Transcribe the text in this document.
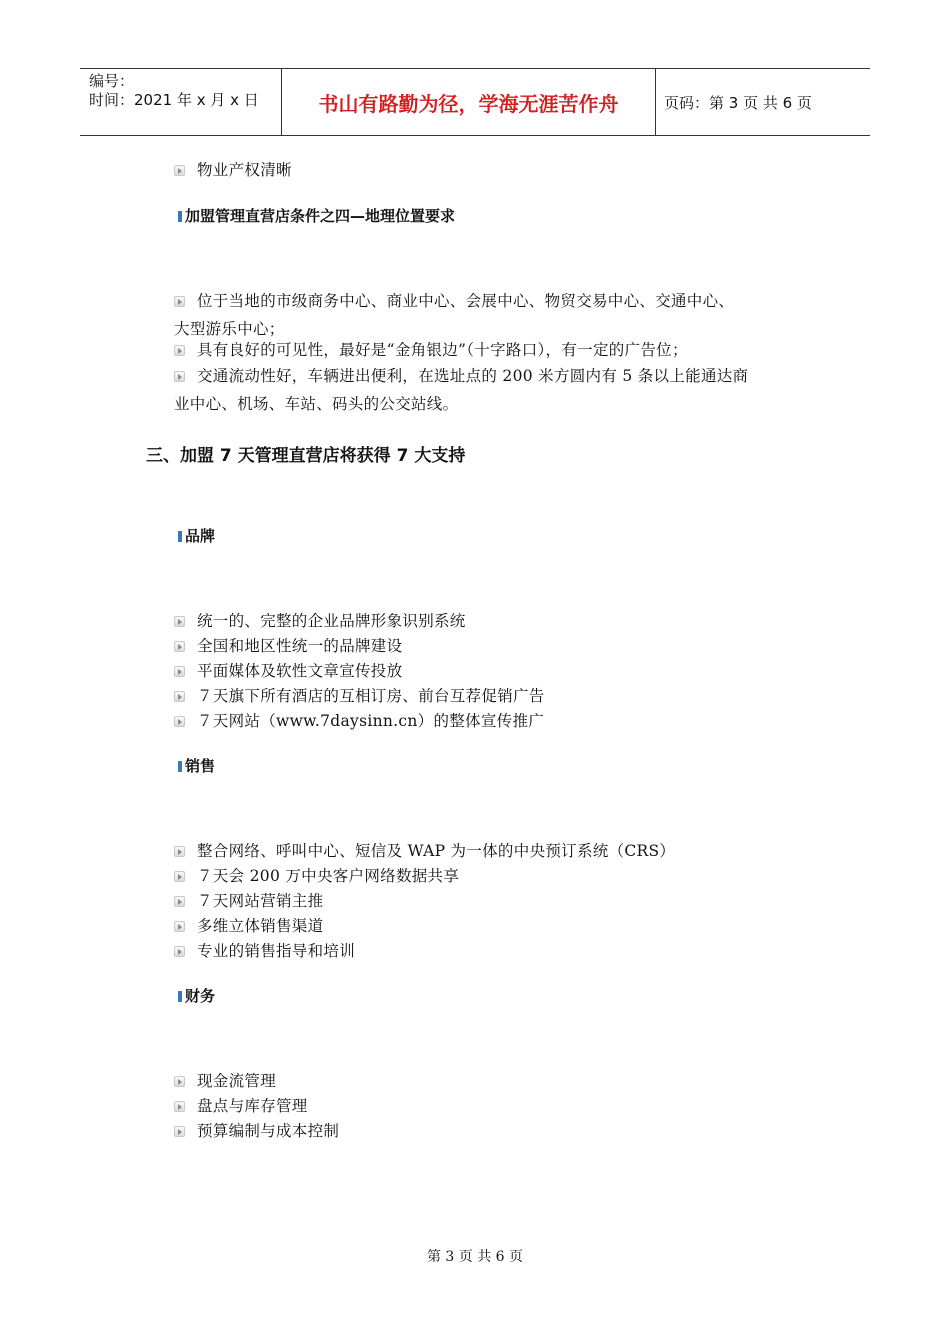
编号：
时间：2021 年 x 月 x 日	书山有路勤为径，学海无涯苦作舟	页码：第 3 页 共 6 页
物业产权清晰
加盟管理直营店条件之四—地理位置要求
位于当地的市级商务中心、商业中心、会展中心、物贸交易中心、交通中心、
大型游乐中心；
具有良好的可见性，最好是“金角银边”（十字路口），有一定的广告位；
交通流动性好，车辆进出便利，在选址点的 200 米方圆内有 5 条以上能通达商
业中心、机场、车站、码头的公交站线。
三、加盟 7 天管理直营店将获得 7 大支持
品牌
统一的、完整的企业品牌形象识别系统
全国和地区性统一的品牌建设
平面媒体及软性文章宣传投放
７天旗下所有酒店的互相订房、前台互荐促销广告
７天网站（www.7daysinn.cn）的整体宣传推广
销售
整合网络、呼叫中心、短信及 WAP 为一体的中央预订系统（CRS）
７天会 200 万中央客户网络数据共享
７天网站营销主推
多维立体销售渠道
专业的销售指导和培训
财务
现金流管理
盘点与库存管理
预算编制与成本控制
第 3 页 共 6 页
